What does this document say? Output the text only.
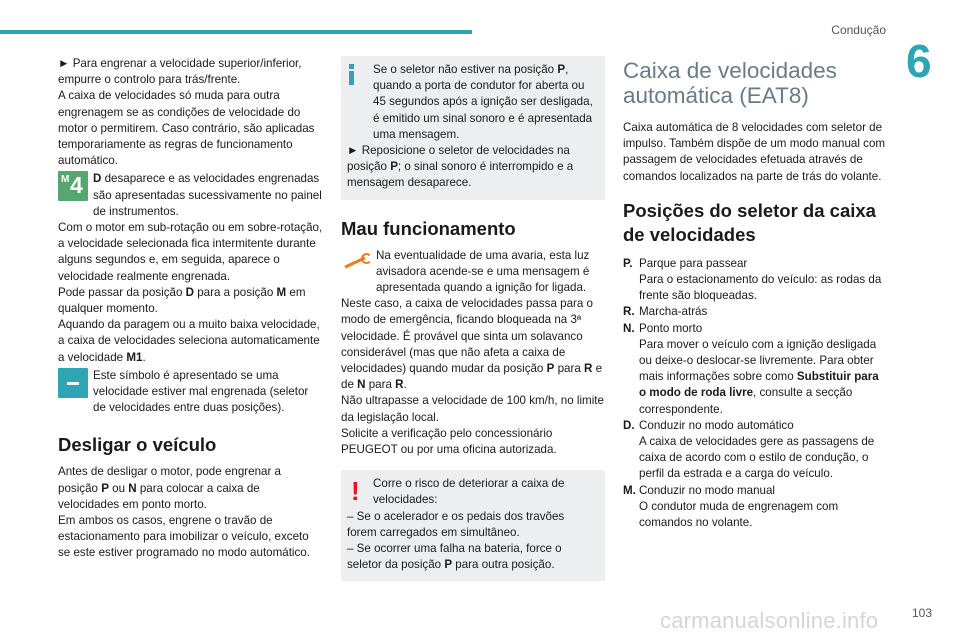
Condução
6

► Para engrenar a velocidade superior/inferior, empurre o controlo para trás/frente.

A caixa de velocidades só muda para outra engrenagem se as condições de velocidade do motor o permitirem. Caso contrário, são aplicadas temporariamente as regras de funcionamento automático.

M 4 D desaparece e as velocidades engrenadas são apresentadas sucessivamente no painel de instrumentos.

Com o motor em sub-rotação ou em sobre-rotação, a velocidade selecionada fica intermitente durante alguns segundos e, em seguida, aparece o velocidade realmente engrenada.

Pode passar da posição D para a posição M em qualquer momento.

Aquando da paragem ou a muito baixa velocidade, a caixa de velocidades seleciona automaticamente a velocidade M1.

Este símbolo é apresentado se uma velocidade estiver mal engrenada (seletor de velocidades entre duas posições).

Desligar o veículo

Antes de desligar o motor, pode engrenar a posição P ou N para colocar a caixa de velocidades em ponto morto.

Em ambos os casos, engrene o travão de estacionamento para imobilizar o veículo, exceto se este estiver programado no modo automático.

Se o seletor não estiver na posição P, quando a porta de condutor for aberta ou 45 segundos após a ignição ser desligada, é emitido um sinal sonoro e é apresentada uma mensagem.

► Reposicione o seletor de velocidades na posição P; o sinal sonoro é interrompido e a mensagem desaparece.

Mau funcionamento

Na eventualidade de uma avaria, esta luz avisadora acende-se e uma mensagem é apresentada quando a ignição for ligada.

Neste caso, a caixa de velocidades passa para o modo de emergência, ficando bloqueada na 3ª velocidade. É provável que sinta um solavanco considerável (mas que não afeta a caixa de velocidades) quando mudar da posição P para R e de N para R.

Não ultrapasse a velocidade de 100 km/h, no limite da legislação local.

Solicite a verificação pelo concessionário PEUGEOT ou por uma oficina autorizada.

!	Corre o risco de deteriorar a caixa de velocidades:

– Se o acelerador e os pedais dos travões forem carregados em simultâneo.

– Se ocorrer uma falha na bateria, force o seletor da posição P para outra posição.

Caixa de velocidades automática (EAT8)

Caixa automática de 8 velocidades com seletor de impulso. Também dispõe de um modo manual com passagem de velocidades efetuada através de comandos localizados na parte de trás do volante.

Posições do seletor da caixa de velocidades
P. Parque para passear
Para o estacionamento do veículo: as rodas da frente são bloqueadas.
R. Marcha-atrás
N. Ponto morto
Para mover o veículo com a ignição desligada ou deixe-o deslocar-se livremente. Para obter mais informações sobre como Substituir para o modo de roda livre, consulte a secção correspondente.
D. Conduzir no modo automático
A caixa de velocidades gere as passagens de caixa de acordo com o estilo de condução, o perfil da estrada e a carga do veículo.
M. Conduzir no modo manual
O condutor muda de engrenagem com comandos no volante.
carmanualsonline.info	103
